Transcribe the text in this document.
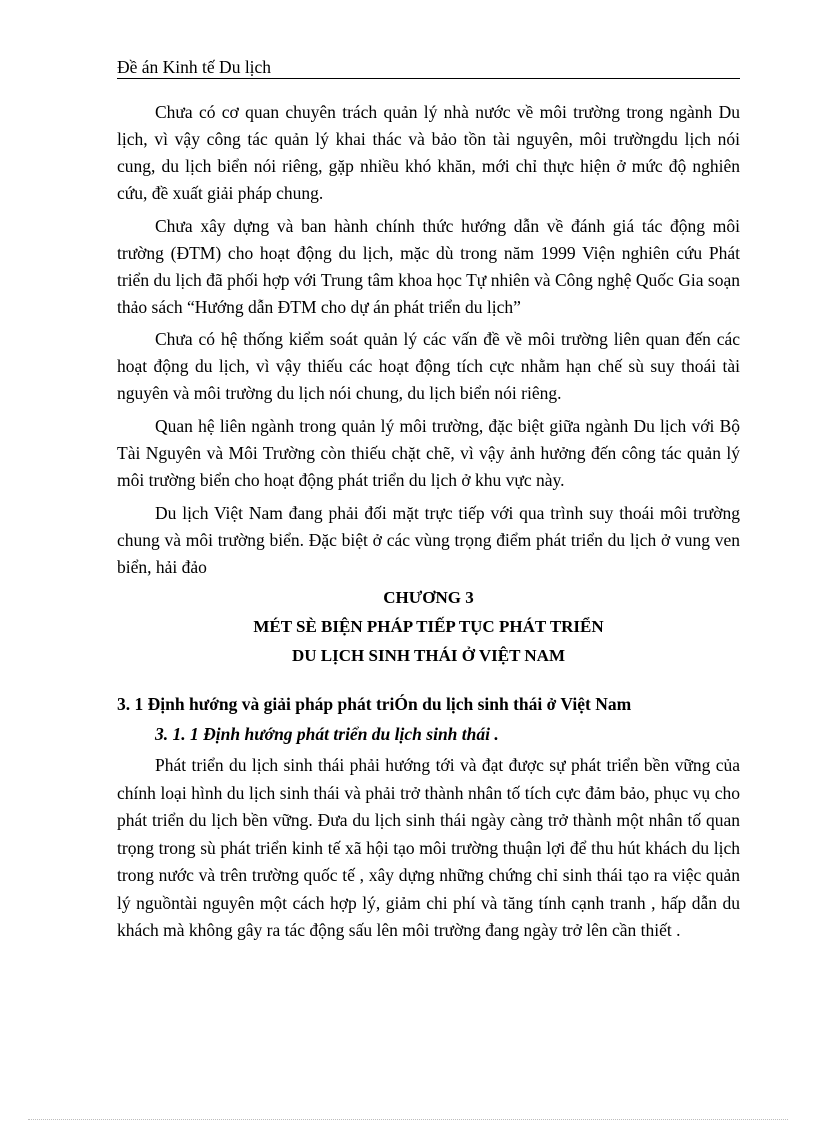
Đề án Kinh tế Du lịch

Chưa có cơ quan chuyên trách quản lý nhà nước về môi trường trong ngành Du lịch, vì vậy công tác quản lý khai thác và bảo tồn tài nguyên, môi trườngdu lịch nói cung, du lịch biển nói riêng, gặp nhiều khó khăn, mới chỉ thực hiện ở mức độ nghiên cứu, đề xuất giải pháp chung.

Chưa xây dựng và ban hành chính thức hướng dẫn về đánh giá tác động môi trường (ĐTM) cho hoạt động du lịch, mặc dù trong năm 1999 Viện nghiên cứu Phát triển du lịch đã phối hợp với Trung tâm khoa học Tự nhiên và Công nghệ Quốc Gia soạn thảo sách “Hướng dẫn ĐTM cho dự án phát triển du lịch”

Chưa có hệ thống kiểm soát quản lý các vấn đề về môi trường liên quan đến các hoạt động du lịch, vì vậy thiếu các hoạt động tích cực nhằm hạn chế sù suy thoái tài nguyên và môi trường du lịch nói chung, du lịch biển nói riêng.

Quan hệ liên ngành trong quản lý môi trường, đặc biệt giữa ngành Du lịch với Bộ Tài Nguyên và Môi Trường còn thiếu chặt chẽ, vì vậy ảnh hưởng đến công tác quản lý môi trường biển cho hoạt động phát triển du lịch ở khu vực này.

Du lịch Việt Nam đang phải đối mặt trực tiếp với qua trình suy thoái môi trường chung và môi trường biển. Đặc biệt ở các vùng trọng điểm phát triển du lịch ở vung ven biển, hải đảo

CHƯƠNG 3

MÉT SÈ BIỆN PHÁP TIẾP TỤC PHÁT TRIỂN

DU LỊCH SINH THÁI Ở VIỆT NAM

3. 1 Định hướng và giải pháp phát triÓn du lịch sinh thái ở Việt Nam

3. 1. 1 Định hướng phát triển du lịch sinh thái .

Phát triển du lịch sinh thái phải hướng tới và đạt được sự phát triển bền vững của chính loại hình du lịch sinh thái và phải trở thành nhân tố tích cực đảm bảo, phục vụ cho phát triển du lịch bền vững. Đưa du lịch sinh thái ngày càng trở thành một nhân tố quan trọng trong sù phát triển kinh tế xã hội tạo môi trường thuận lợi để thu hút khách du lịch trong nước và trên trường quốc tế , xây dựng những chứng chỉ sinh thái tạo ra việc quản lý nguồntài nguyên một cách hợp lý, giảm chi phí và tăng tính cạnh tranh , hấp dẫn du khách mà không gây ra tác động sấu lên môi trường đang ngày trở lên cần thiết .
